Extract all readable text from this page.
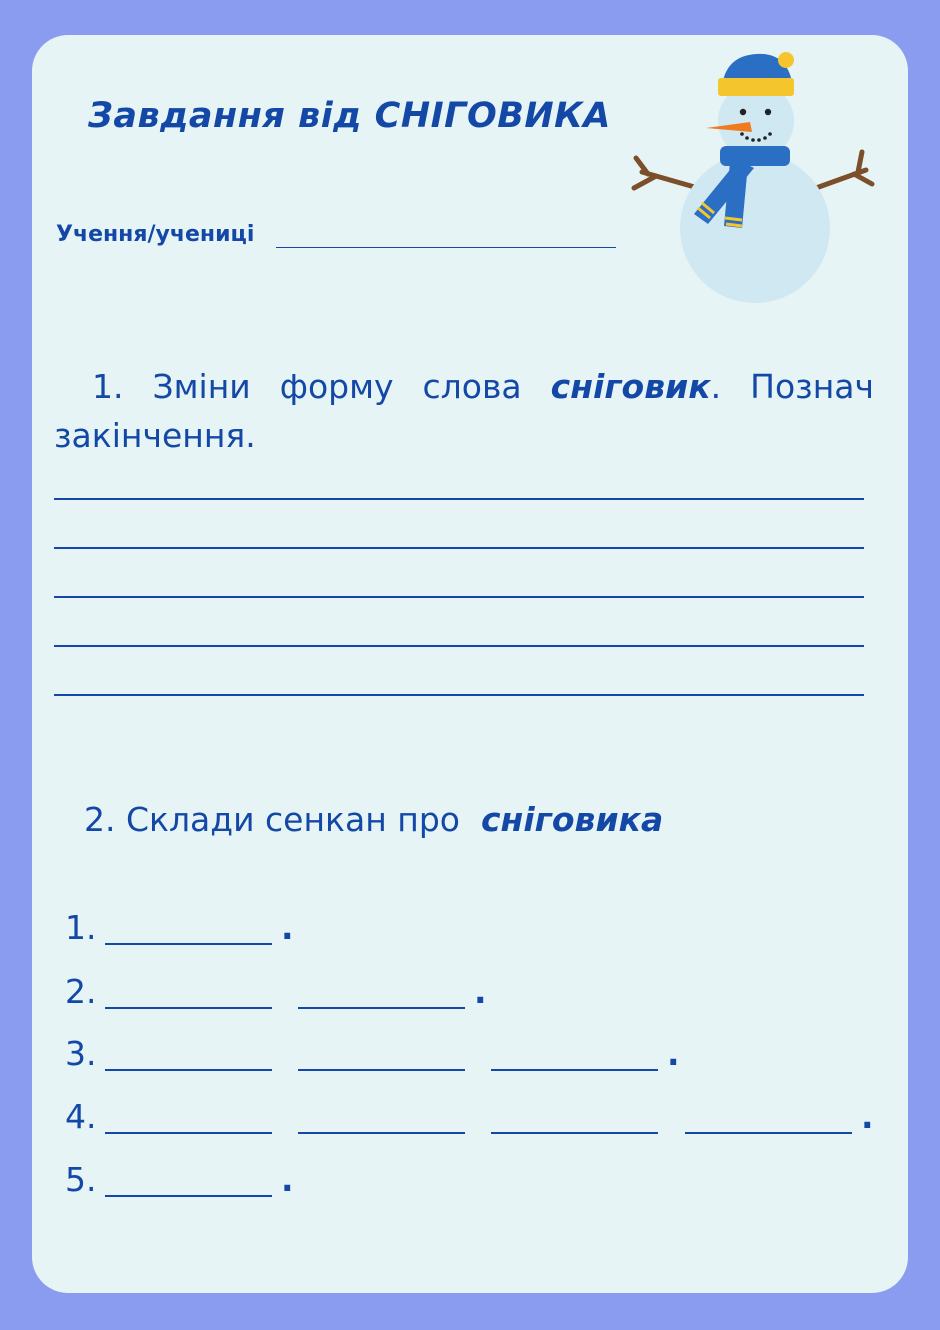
Завдання від СНІГОВИКА
Учення/учениці
1. Зміни форму слова сніговик. Познач
закінчення.
2. Склади сенкан про сніговика
1.	.
2.	.
3.	.
4.	.
5.	.
